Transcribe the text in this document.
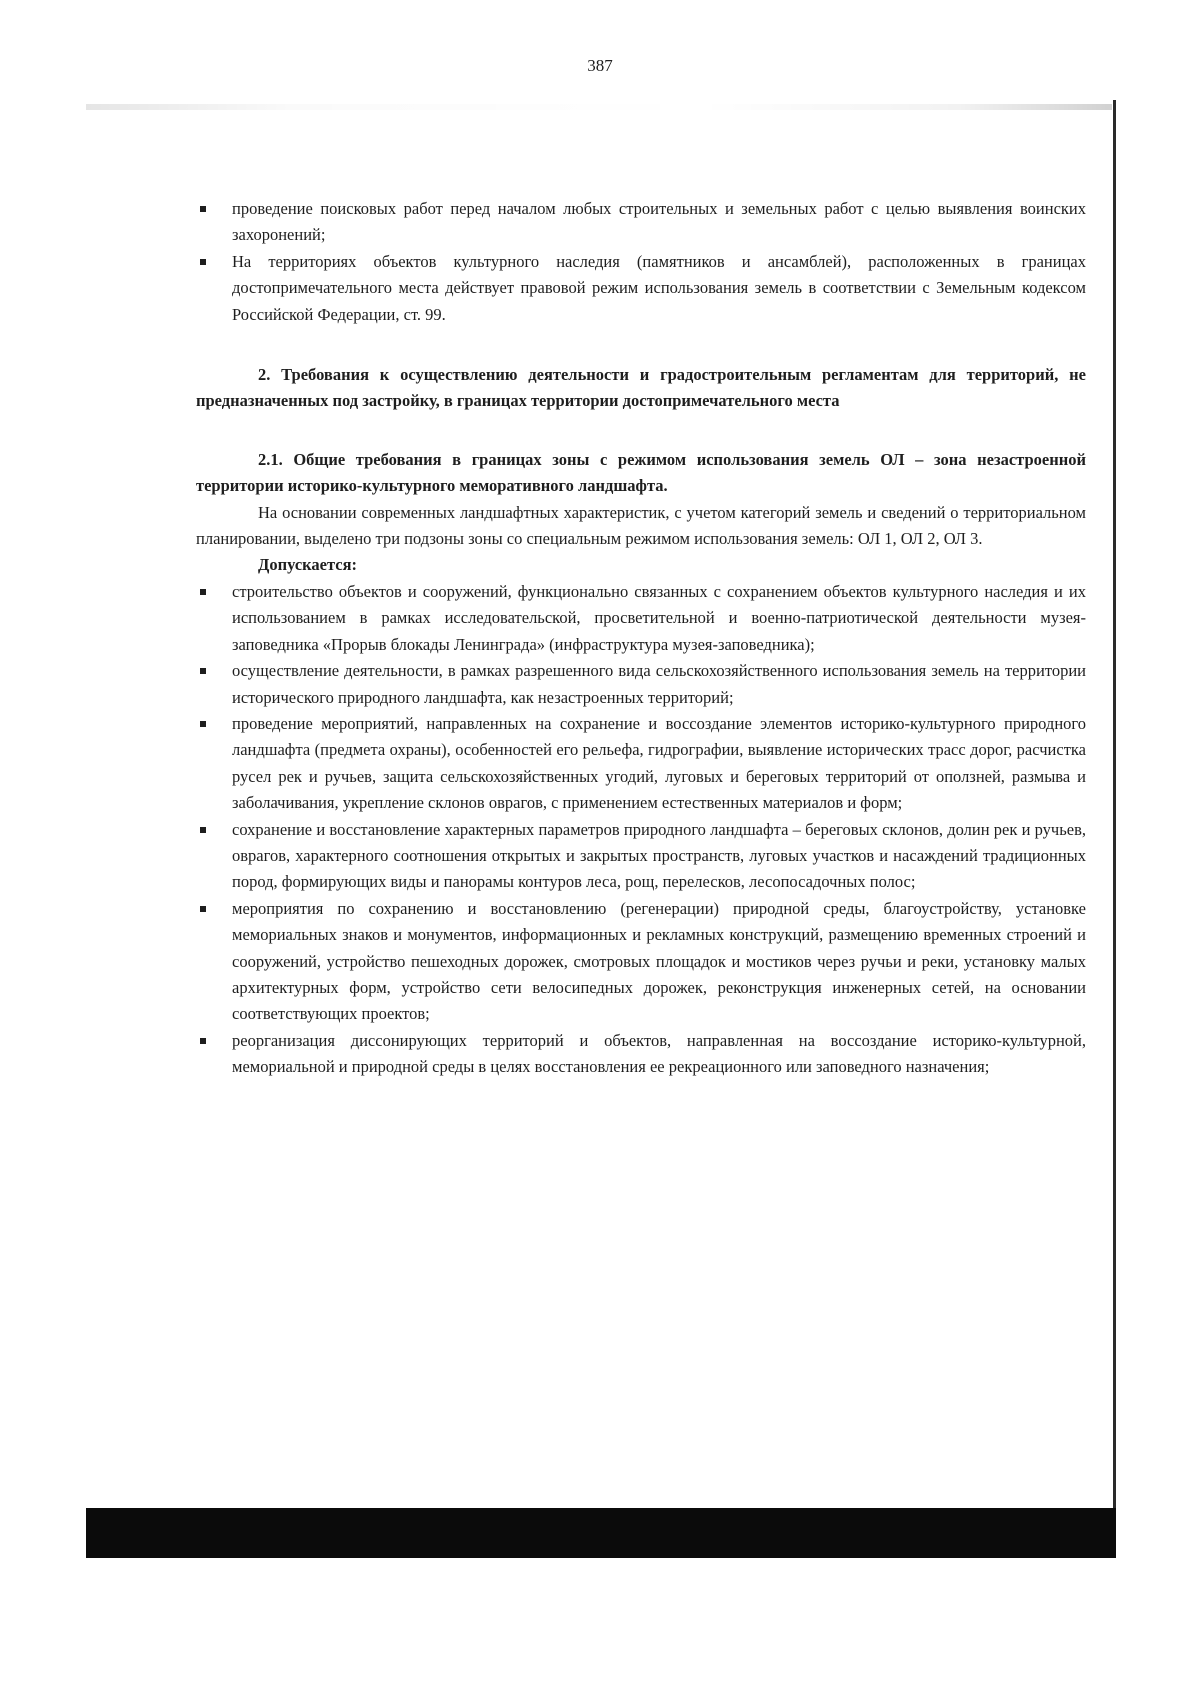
387
проведение поисковых работ перед началом любых строительных и земельных работ с целью выявления воинских захоронений;
На территориях объектов культурного наследия (памятников и ансамблей), расположенных в границах достопримечательного места действует правовой режим использования земель в соответствии с Земельным кодексом Российской Федерации, ст. 99.

2. Требования к осуществлению деятельности и градостроительным регламентам для территорий, не предназначенных под застройку, в границах территории достопримечательного места

2.1. Общие требования в границах зоны с режимом использования земель ОЛ – зона незастроенной территории историко-культурного меморативного ландшафта.

На основании современных ландшафтных характеристик, с учетом категорий земель и сведений о территориальном планировании, выделено три подзоны зоны со специальным режимом использования земель: ОЛ 1, ОЛ 2, ОЛ 3.

Допускается:

строительство объектов и сооружений, функционально связанных с сохранением объектов культурного наследия и их использованием в рамках исследовательской, просветительной и военно-патриотической деятельности музея-заповедника «Прорыв блокады Ленинграда» (инфраструктура музея-заповедника);
осуществление деятельности, в рамках разрешенного вида сельскохозяйственного использования земель на территории исторического природного ландшафта, как незастроенных территорий;
проведение мероприятий, направленных на сохранение и воссоздание элементов историко-культурного природного ландшафта (предмета охраны), особенностей его рельефа, гидрографии, выявление исторических трасс дорог, расчистка русел рек и ручьев, защита сельскохозяйственных угодий, луговых и береговых территорий от оползней, размыва и заболачивания, укрепление склонов оврагов, с применением естественных материалов и форм;
сохранение и восстановление характерных параметров природного ландшафта – береговых склонов, долин рек и ручьев, оврагов, характерного соотношения открытых и закрытых пространств, луговых участков и насаждений традиционных пород, формирующих виды и панорамы контуров леса, рощ, перелесков, лесопосадочных полос;
мероприятия по сохранению и восстановлению (регенерации) природной среды, благоустройству, установке мемориальных знаков и монументов, информационных и рекламных конструкций, размещению временных строений и сооружений, устройство пешеходных дорожек, смотровых площадок и мостиков через ручьи и реки, установку малых архитектурных форм, устройство сети велосипедных дорожек, реконструкция инженерных сетей, на основании соответствующих проектов;
реорганизация диссонирующих территорий и объектов, направленная на воссоздание историко-культурной, мемориальной и природной среды в целях восстановления ее рекреационного или заповедного назначения;
